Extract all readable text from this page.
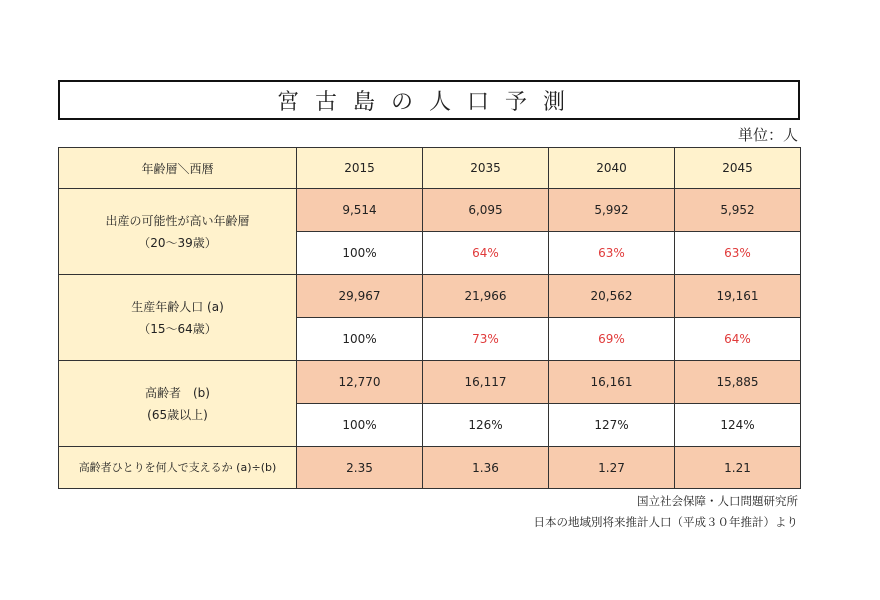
宮古島の人口予測
単位：人
年齢層＼西暦	2015	2035	2040	2045

出産の可能性が高い年齢層
（20～39歳）	9,514	6,095	5,992	5,952
	100%	64%	63%	63%

生産年齢人口 (a)
（15～64歳）	29,967	21,966	20,562	19,161
	100%	73%	69%	64%

高齢者　(b)
(65歳以上)	12,770	16,117	16,161	15,885
	100%	126%	127%	124%
高齢者ひとりを何人で支えるか (a)÷(b)	2.35	1.36	1.27	1.21
国立社会保障・人口問題研究所
日本の地域別将来推計人口（平成３０年推計）より
